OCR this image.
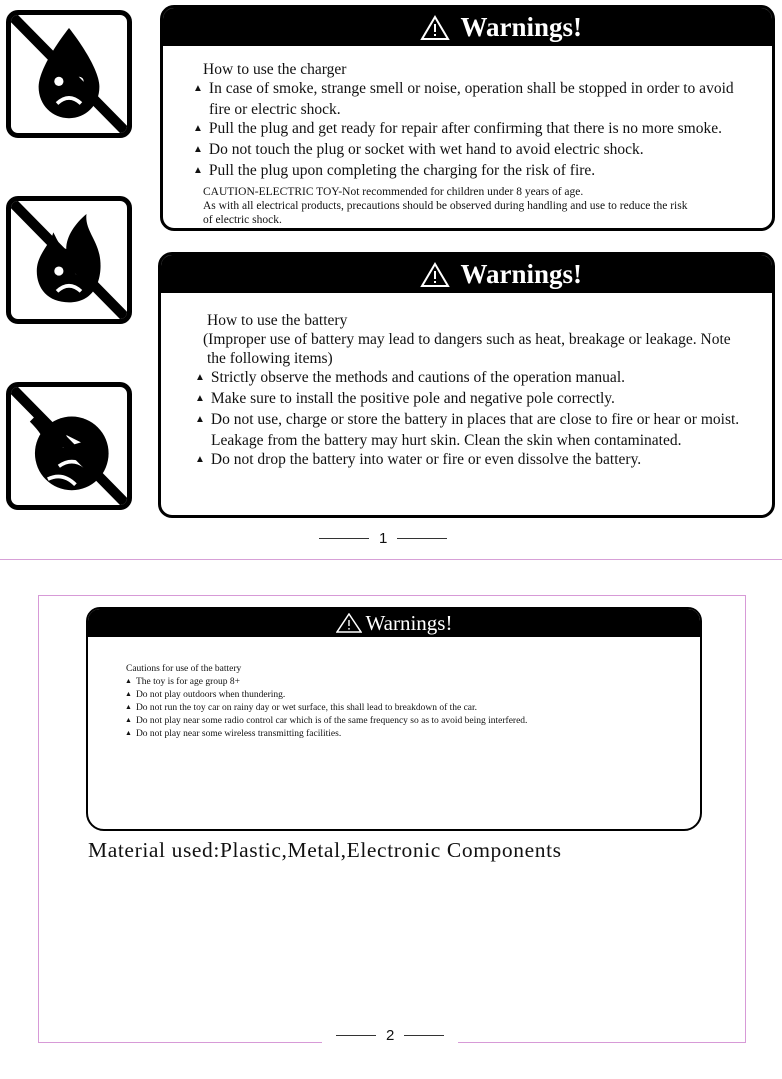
Warnings!
How to use the charger
▲ In case of smoke, strange smell or noise, operation shall be stopped in order to avoid
fire or electric shock.
▲ Pull the plug and get ready for repair after confirming that there is no more smoke.
▲ Do not touch the plug or socket with wet hand to avoid electric shock.
▲ Pull the plug upon completing the charging for the risk of fire.
CAUTION-ELECTRIC TOY-Not recommended for children under 8 years of age.
As with all electrical products, precautions should be observed during handling and use to reduce the risk
of electric shock.
Warnings!
How to use the battery
(Improper use of battery may lead to dangers such as heat, breakage or leakage. Note
the following items)
▲ Strictly observe the methods and cautions of the operation manual.
▲ Make sure to install the positive pole and negative pole correctly.
▲ Do not use, charge or store the battery in places that are close to fire or hear or moist.
Leakage from the battery may hurt skin. Clean the skin when contaminated.
▲ Do not drop the battery into water or fire or even dissolve the battery.
1
Warnings!
Cautions for use of the battery
▲ The toy is for age group 8+
▲ Do not play outdoors when thundering.
▲ Do not run the toy car on rainy day or wet surface, this shall lead to breakdown of the car.
▲ Do not play near some radio control car which is of the same frequency so as to avoid being interfered.
▲ Do not play near some wireless transmitting facilities.
Material used:Plastic,Metal,Electronic Components
2
